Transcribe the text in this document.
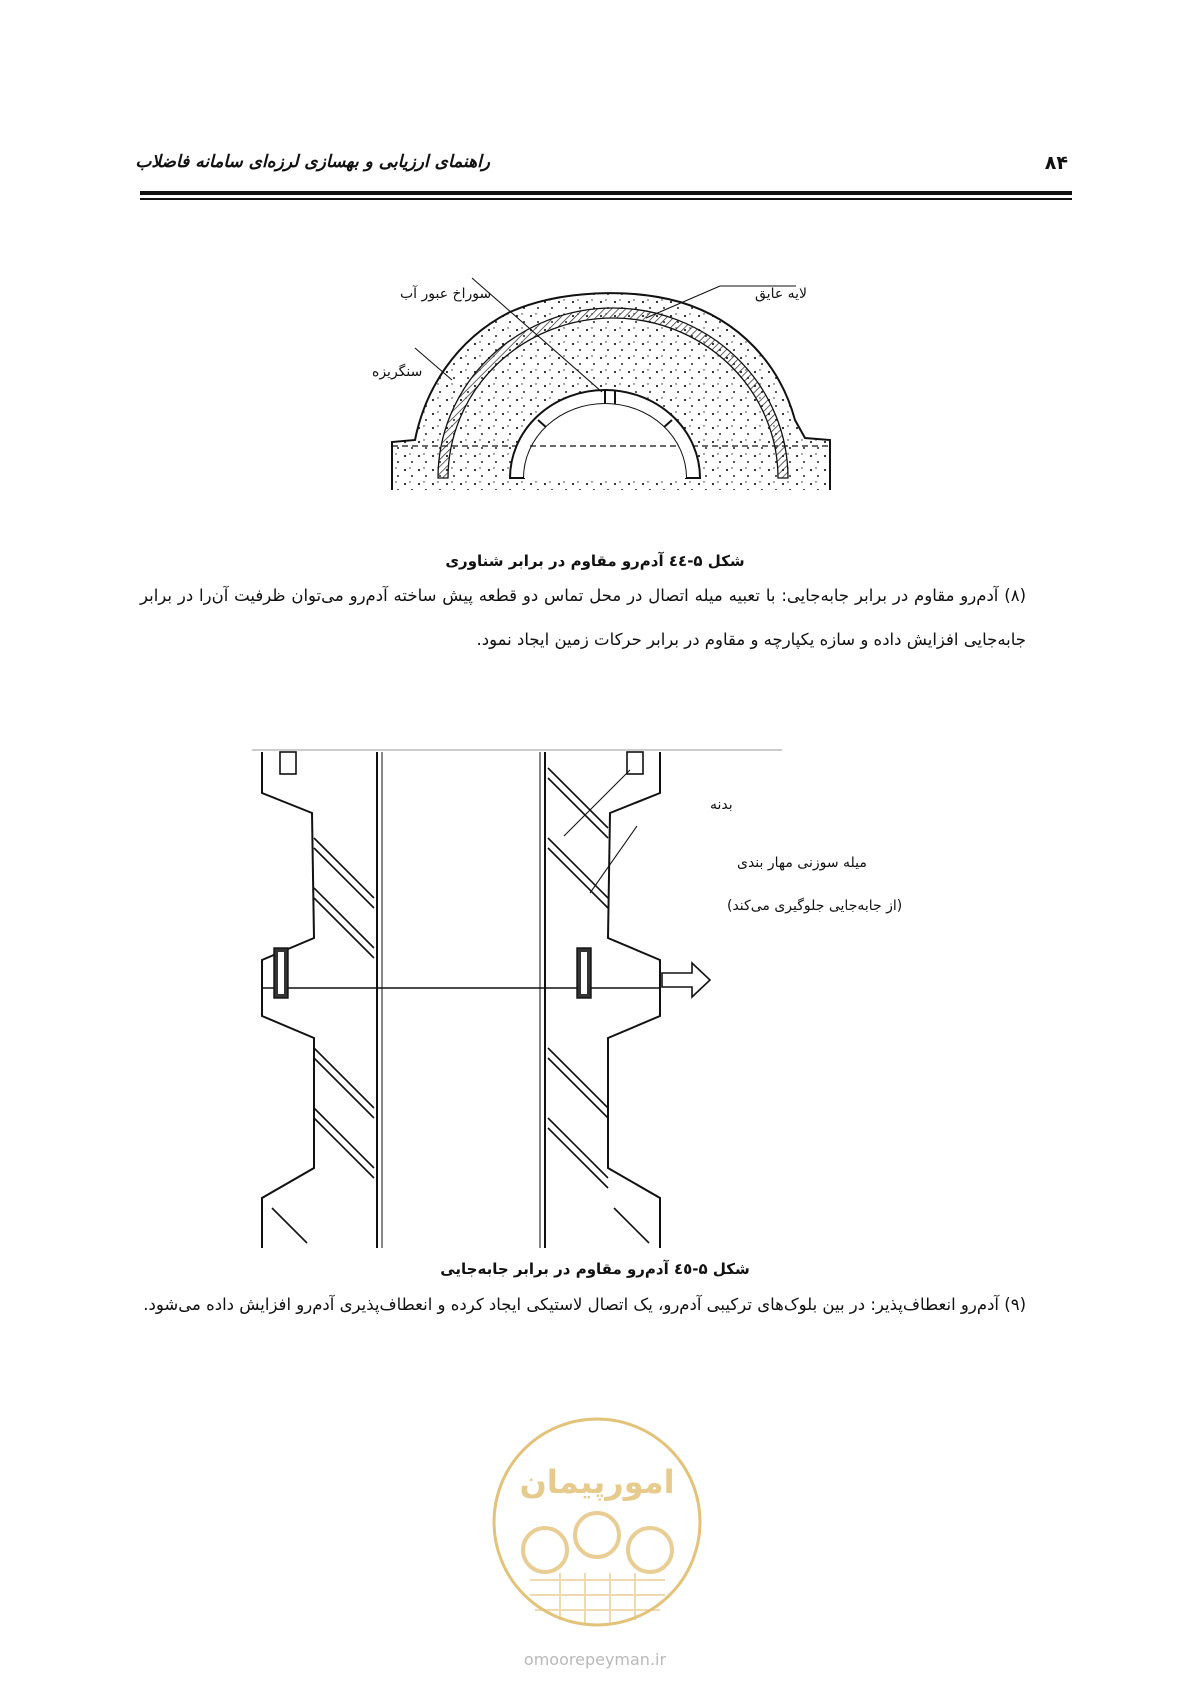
راهنمای ارزیابی و بهسازی لرزه‌ای سامانه فاضلاب	۸۴
سوراخ عبور آب	لایه عایق
سنگریزه
شکل ۵-٤٤ آدم‌رو مقاوم در برابر شناوری

(۸) آدم‌رو مقاوم در برابر جابه‌جایی: با تعبیه میله اتصال در محل تماس دو قطعه پیش ساخته آدم‌رو می‌توان ظرفیت آن‌را در برابر جابه‌جایی افزایش داده و سازه یکپارچه و مقاوم در برابر حرکات زمین ایجاد نمود.

بدنه
میله سوزنی مهار بندی
(از جابه‌جایی جلوگیری می‌کند)
شکل ۵-٤٥ آدم‌رو مقاوم در برابر جابه‌جایی

(۹) آدم‌رو انعطاف‌پذیر: در بین بلوک‌های ترکیبی آدم‌رو، یک اتصال لاستیکی ایجاد کرده و انعطاف‌پذیری آدم‌رو افزایش داده می‌شود.

امورپیمان
omoorepeyman.ir
